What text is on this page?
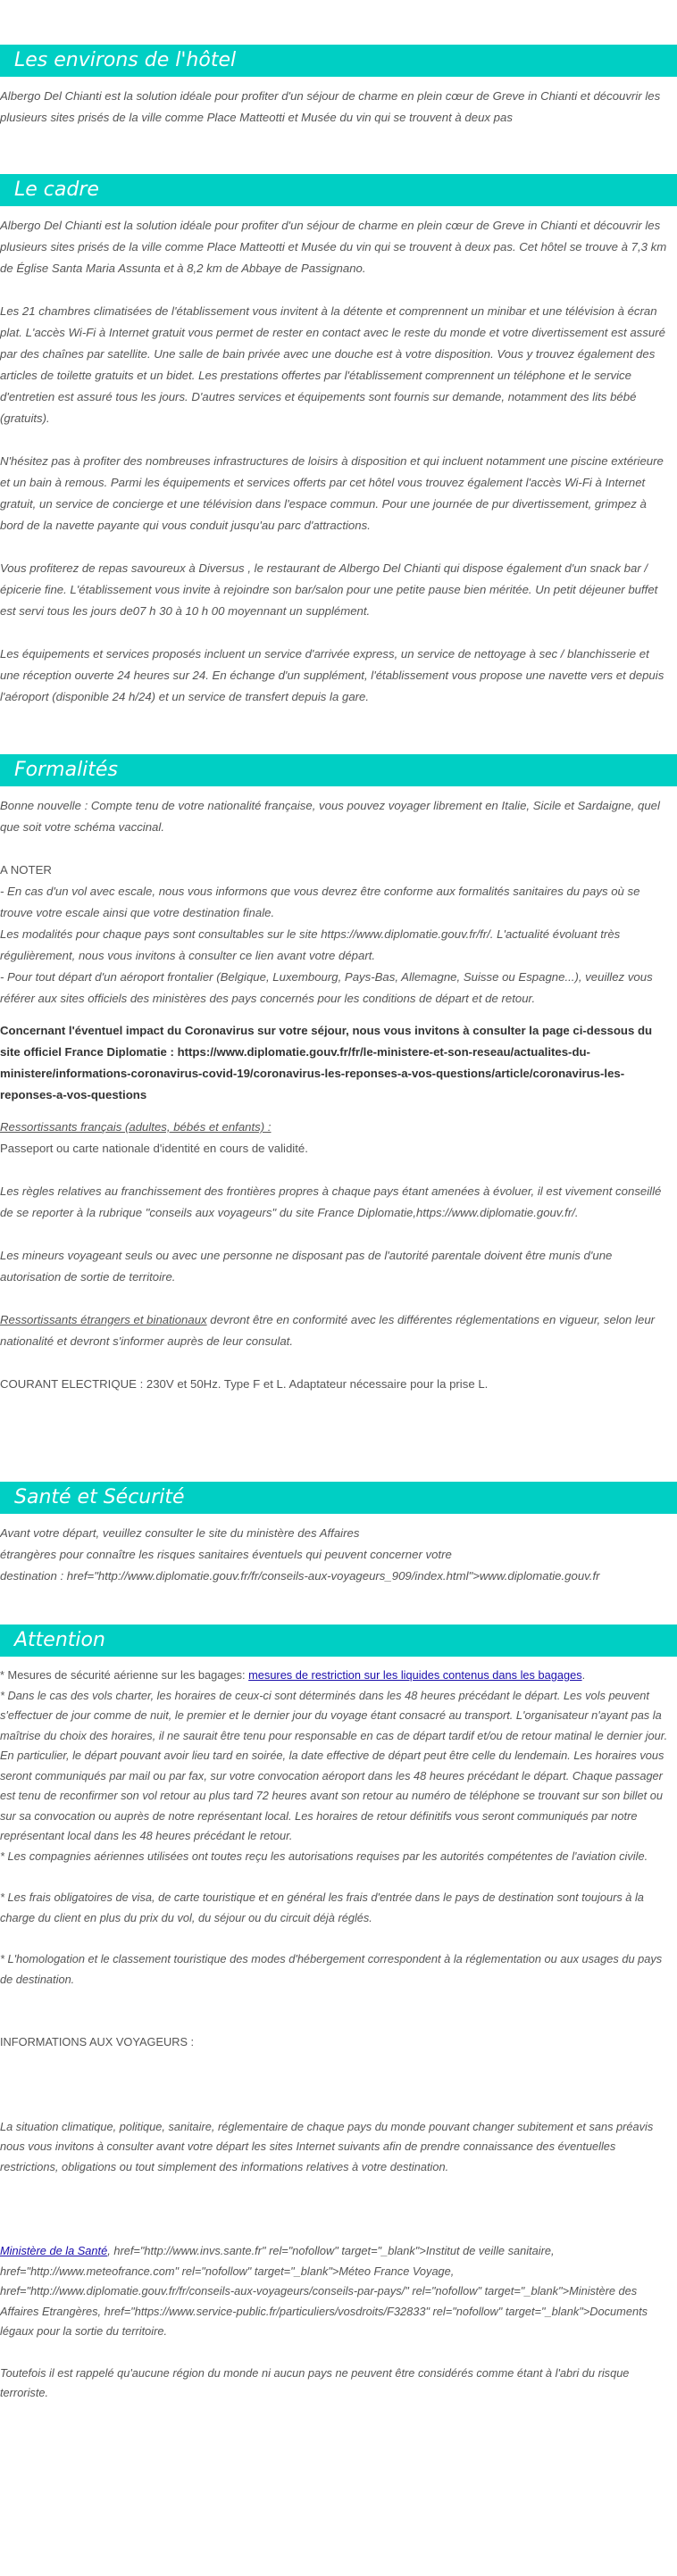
Les environs de l'hôtel

Albergo Del Chianti est la solution idéale pour profiter d'un séjour de charme en plein cœur de Greve in Chianti et découvrir les plusieurs sites prisés de la ville comme Place Matteotti et Musée du vin qui se trouvent à deux pas

Le cadre

Albergo Del Chianti est la solution idéale pour profiter d'un séjour de charme en plein cœur de Greve in Chianti et découvrir les plusieurs sites prisés de la ville comme Place Matteotti et Musée du vin qui se trouvent à deux pas. Cet hôtel se trouve à 7,3 km de Église Santa Maria Assunta et à 8,2 km de Abbaye de Passignano.

Les 21 chambres climatisées de l'établissement vous invitent à la détente et comprennent un minibar et une télévision à écran plat. L'accès Wi-Fi à Internet gratuit vous permet de rester en contact avec le reste du monde et votre divertissement est assuré par des chaînes par satellite. Une salle de bain privée avec une douche est à votre disposition. Vous y trouvez également des articles de toilette gratuits et un bidet. Les prestations offertes par l'établissement comprennent un téléphone et le service d'entretien est assuré tous les jours. D'autres services et équipements sont fournis sur demande, notamment des lits bébé (gratuits).

N'hésitez pas à profiter des nombreuses infrastructures de loisirs à disposition et qui incluent notamment une piscine extérieure et un bain à remous. Parmi les équipements et services offerts par cet hôtel vous trouvez également l'accès Wi-Fi à Internet gratuit, un service de concierge et une télévision dans l'espace commun. Pour une journée de pur divertissement, grimpez à bord de la navette payante qui vous conduit jusqu'au parc d'attractions.

Vous profiterez de repas savoureux à Diversus , le restaurant de Albergo Del Chianti qui dispose également d'un snack bar / épicerie fine. L'établissement vous invite à rejoindre son bar/salon pour une petite pause bien méritée. Un petit déjeuner buffet est servi tous les jours de07 h 30 à 10 h 00 moyennant un supplément.

Les équipements et services proposés incluent un service d'arrivée express, un service de nettoyage à sec / blanchisserie et une réception ouverte 24 heures sur 24. En échange d'un supplément, l'établissement vous propose une navette vers et depuis l'aéroport (disponible 24 h/24) et un service de transfert depuis la gare.

Formalités

Bonne nouvelle : Compte tenu de votre nationalité française, vous pouvez voyager librement en Italie, Sicile et Sardaigne, quel que soit votre schéma vaccinal.

A NOTER

- En cas d'un vol avec escale, nous vous informons que vous devrez être conforme aux formalités sanitaires du pays où se trouve votre escale ainsi que votre destination finale.

Les modalités pour chaque pays sont consultables sur le site https://www.diplomatie.gouv.fr/fr/. L'actualité évoluant très régulièrement, nous vous invitons à consulter ce lien avant votre départ.

- Pour tout départ d'un aéroport frontalier (Belgique, Luxembourg, Pays-Bas, Allemagne, Suisse ou Espagne...), veuillez vous référer aux sites officiels des ministères des pays concernés pour les conditions de départ et de retour.

Concernant l'éventuel impact du Coronavirus sur votre séjour, nous vous invitons à consulter la page ci-dessous du site officiel France Diplomatie : https://www.diplomatie.gouv.fr/fr/le-ministere-et-son-reseau/actualites-du-ministere/informations-coronavirus-covid-19/coronavirus-les-reponses-a-vos-questions/article/coronavirus-les-reponses-a-vos-questions

Ressortissants français (adultes, bébés et enfants) :

Passeport ou carte nationale d'identité en cours de validité.

Les règles relatives au franchissement des frontières propres à chaque pays étant amenées à évoluer, il est vivement conseillé de se reporter à la rubrique "conseils aux voyageurs" du site France Diplomatie,https://www.diplomatie.gouv.fr/.

Les mineurs voyageant seuls ou avec une personne ne disposant pas de l'autorité parentale doivent être munis d'une autorisation de sortie de territoire.

Ressortissants étrangers et binationaux devront être en conformité avec les différentes réglementations en vigueur, selon leur nationalité et devront s'informer auprès de leur consulat.

COURANT ELECTRIQUE : 230V et 50Hz. Type F et L. Adaptateur nécessaire pour la prise L.

Santé et Sécurité

Avant votre départ, veuillez consulter le site du ministère des Affaires

étrangères pour connaître les risques sanitaires éventuels qui peuvent concerner votre

destination : href="http://www.diplomatie.gouv.fr/fr/conseils-aux-voyageurs_909/index.html">www.diplomatie.gouv.fr

Attention

* Mesures de sécurité aérienne sur les bagages: mesures de restriction sur les liquides contenus dans les bagages.

* Dans le cas des vols charter, les horaires de ceux-ci sont déterminés dans les 48 heures précédant le départ. Les vols peuvent s'effectuer de jour comme de nuit, le premier et le dernier jour du voyage étant consacré au transport. L'organisateur n'ayant pas la maîtrise du choix des horaires, il ne saurait être tenu pour responsable en cas de départ tardif et/ou de retour matinal le dernier jour. En particulier, le départ pouvant avoir lieu tard en soirée, la date effective de départ peut être celle du lendemain. Les horaires vous seront communiqués par mail ou par fax, sur votre convocation aéroport dans les 48 heures précédant le départ. Chaque passager est tenu de reconfirmer son vol retour au plus tard 72 heures avant son retour au numéro de téléphone se trouvant sur son billet ou sur sa convocation ou auprès de notre représentant local. Les horaires de retour définitifs vous seront communiqués par notre représentant local dans les 48 heures précédant le retour.

* Les compagnies aériennes utilisées ont toutes reçu les autorisations requises par les autorités compétentes de l'aviation civile.

* Les frais obligatoires de visa, de carte touristique et en général les frais d'entrée dans le pays de destination sont toujours à la charge du client en plus du prix du vol, du séjour ou du circuit déjà réglés.

* L'homologation et le classement touristique des modes d'hébergement correspondent à la réglementation ou aux usages du pays de destination.

INFORMATIONS AUX VOYAGEURS :

La situation climatique, politique, sanitaire, réglementaire de chaque pays du monde pouvant changer subitement et sans préavis

nous vous invitons à consulter avant votre départ les sites Internet suivants afin de prendre connaissance des éventuelles restrictions, obligations ou tout simplement des informations relatives à votre destination.

Ministère de la Santé, href="http://www.invs.sante.fr" rel="nofollow" target="_blank">Institut de veille sanitaire, href="http://www.meteofrance.com" rel="nofollow" target="_blank">Méteo France Voyage, href="http://www.diplomatie.gouv.fr/fr/conseils-aux-voyageurs/conseils-par-pays/" rel="nofollow" target="_blank">Ministère des Affaires Etrangères, href="https://www.service-public.fr/particuliers/vosdroits/F32833" rel="nofollow" target="_blank">Documents légaux pour la sortie du territoire.

Toutefois il est rappelé qu'aucune région du monde ni aucun pays ne peuvent être considérés comme étant à l'abri du risque terroriste.
